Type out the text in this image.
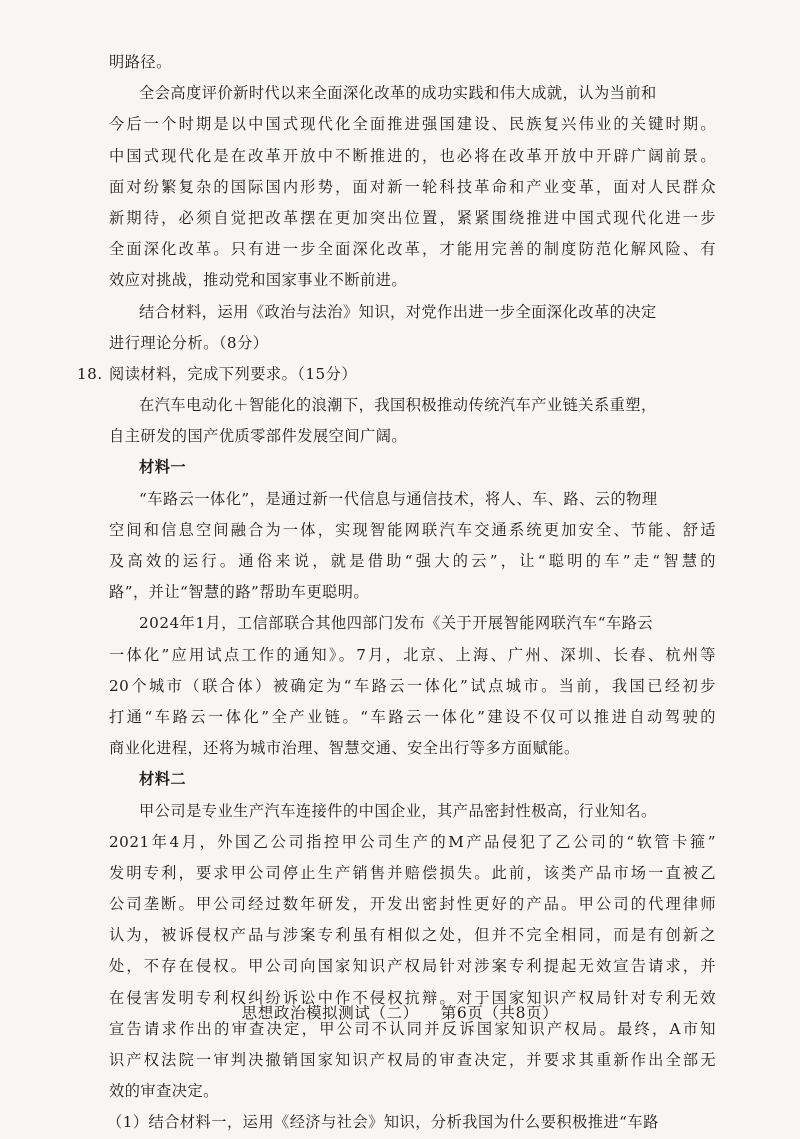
明路径。
全会高度评价新时代以来全面深化改革的成功实践和伟大成就，认为当前和
今后一个时期是以中国式现代化全面推进强国建设、民族复兴伟业的关键时期。
中国式现代化是在改革开放中不断推进的，也必将在改革开放中开辟广阔前景。
面对纷繁复杂的国际国内形势，面对新一轮科技革命和产业变革，面对人民群众
新期待，必须自觉把改革摆在更加突出位置，紧紧围绕推进中国式现代化进一步
全面深化改革。只有进一步全面深化改革，才能用完善的制度防范化解风险、有
效应对挑战，推动党和国家事业不断前进。
结合材料，运用《政治与法治》知识，对党作出进一步全面深化改革的决定
进行理论分析。（8分）
18. 阅读材料，完成下列要求。（15分）
在汽车电动化＋智能化的浪潮下，我国积极推动传统汽车产业链关系重塑，
自主研发的国产优质零部件发展空间广阔。
材料一
“车路云一体化”，是通过新一代信息与通信技术，将人、车、路、云的物理
空间和信息空间融合为一体，实现智能网联汽车交通系统更加安全、节能、舒适
及高效的运行。通俗来说，就是借助“强大的云”，让“聪明的车”走“智慧的
路”，并让“智慧的路”帮助车更聪明。
2024年1月，工信部联合其他四部门发布《关于开展智能网联汽车“车路云
一体化”应用试点工作的通知》。7月，北京、上海、广州、深圳、长春、杭州等
20个城市（联合体）被确定为“车路云一体化”试点城市。当前，我国已经初步
打通“车路云一体化”全产业链。“车路云一体化”建设不仅可以推进自动驾驶的
商业化进程，还将为城市治理、智慧交通、安全出行等多方面赋能。
材料二
甲公司是专业生产汽车连接件的中国企业，其产品密封性极高，行业知名。
2021年4月，外国乙公司指控甲公司生产的M产品侵犯了乙公司的“软管卡箍”
发明专利，要求甲公司停止生产销售并赔偿损失。此前，该类产品市场一直被乙
公司垄断。甲公司经过数年研发，开发出密封性更好的产品。甲公司的代理律师
认为，被诉侵权产品与涉案专利虽有相似之处，但并不完全相同，而是有创新之
处，不存在侵权。甲公司向国家知识产权局针对涉案专利提起无效宣告请求，并
在侵害发明专利权纠纷诉讼中作不侵权抗辩。对于国家知识产权局针对专利无效
宣告请求作出的审查决定，甲公司不认同并反诉国家知识产权局。最终，A市知
识产权法院一审判决撤销国家知识产权局的审查决定，并要求其重新作出全部无
效的审查决定。
（1）结合材料一，运用《经济与社会》知识，分析我国为什么要积极推进“车路
思想政治模拟测试（二） 第6页（共8页）
